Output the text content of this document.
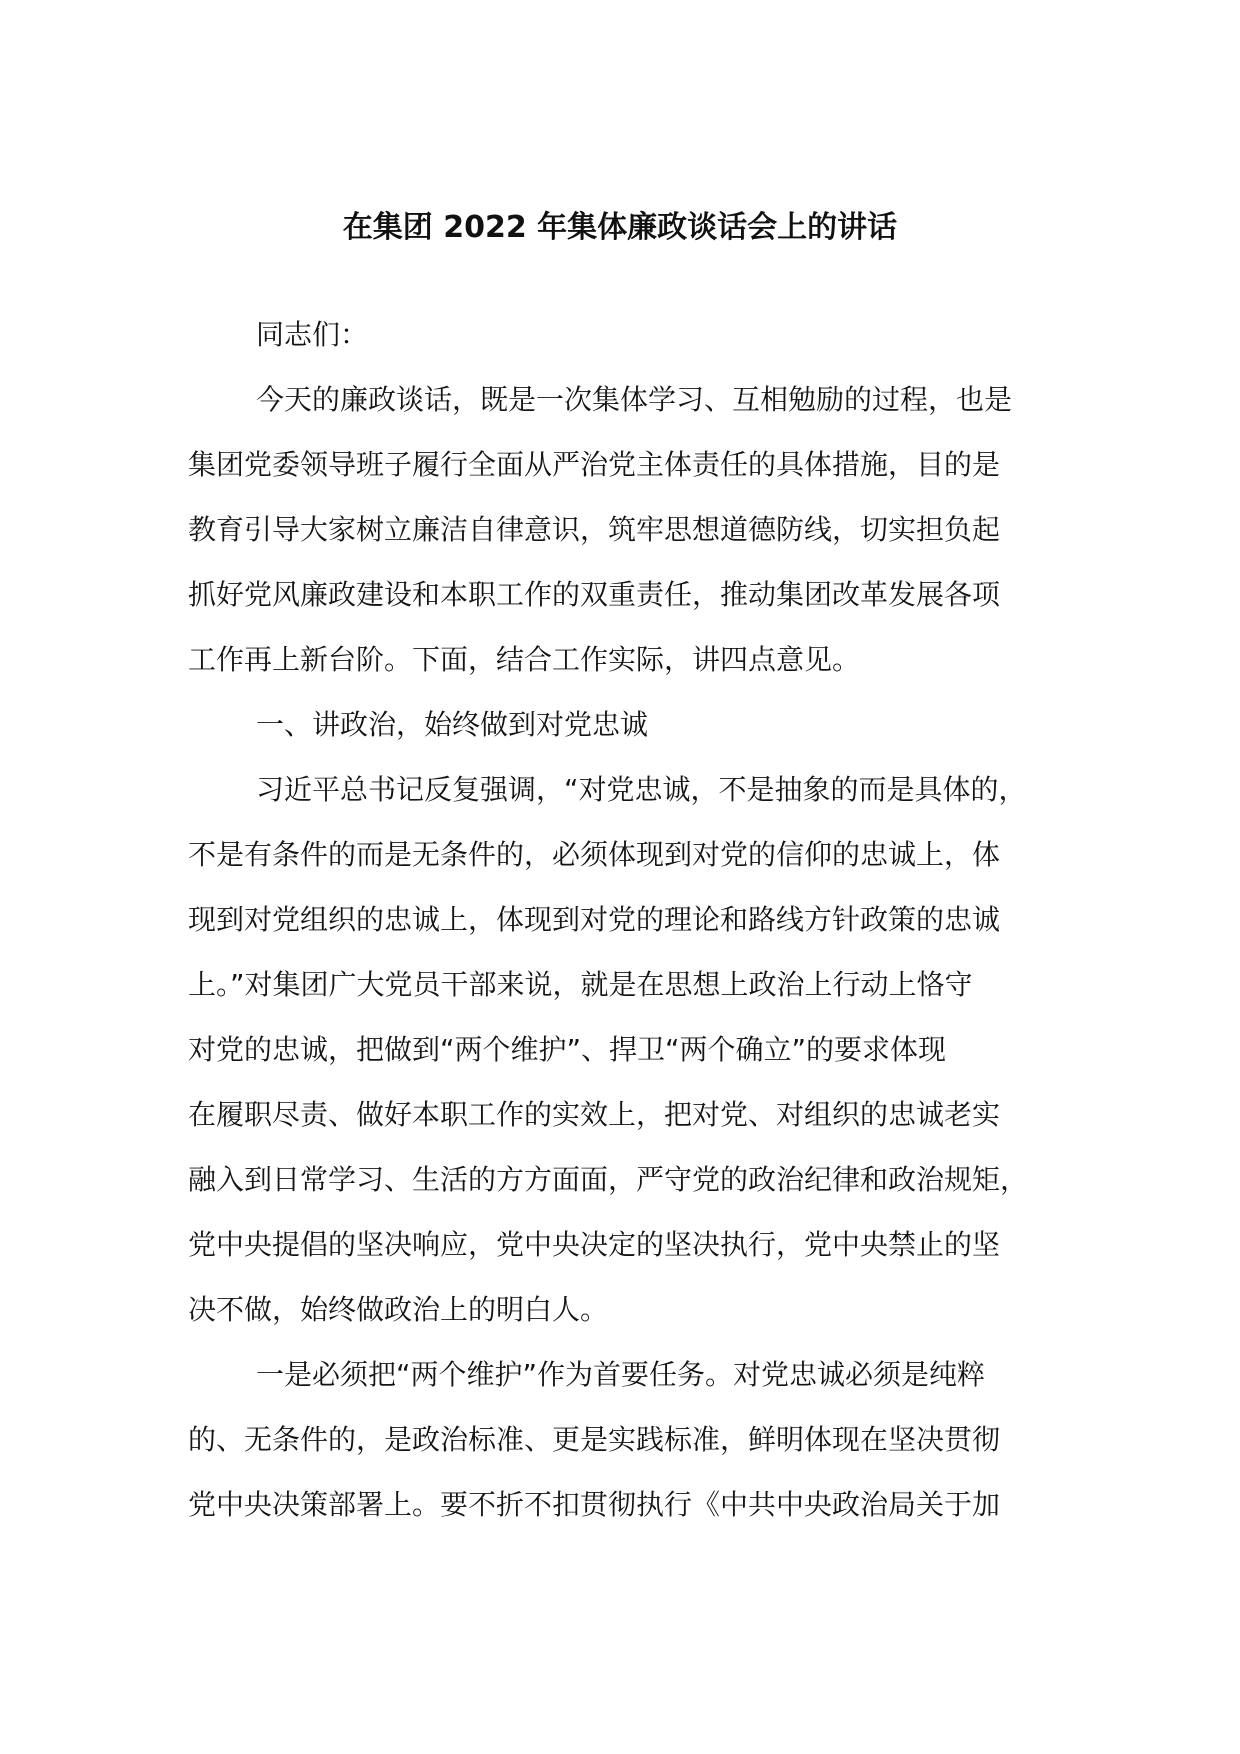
在集团 2022 年集体廉政谈话会上的讲话
同志们：
今天的廉政谈话，既是一次集体学习、互相勉励的过程，也是
集团党委领导班子履行全面从严治党主体责任的具体措施，目的是
教育引导大家树立廉洁自律意识，筑牢思想道德防线，切实担负起
抓好党风廉政建设和本职工作的双重责任，推动集团改革发展各项
工作再上新台阶。下面，结合工作实际，讲四点意见。
一、讲政治，始终做到对党忠诚
习近平总书记反复强调，“对党忠诚，不是抽象的而是具体的，
不是有条件的而是无条件的，必须体现到对党的信仰的忠诚上，体
现到对党组织的忠诚上，体现到对党的理论和路线方针政策的忠诚
上。”对集团广大党员干部来说，就是在思想上政治上行动上恪守
对党的忠诚，把做到“两个维护”、捍卫“两个确立”的要求体现
在履职尽责、做好本职工作的实效上，把对党、对组织的忠诚老实
融入到日常学习、生活的方方面面，严守党的政治纪律和政治规矩，
党中央提倡的坚决响应，党中央决定的坚决执行，党中央禁止的坚
决不做，始终做政治上的明白人。
一是必须把“两个维护”作为首要任务。对党忠诚必须是纯粹
的、无条件的，是政治标准、更是实践标准，鲜明体现在坚决贯彻
党中央决策部署上。要不折不扣贯彻执行《中共中央政治局关于加
